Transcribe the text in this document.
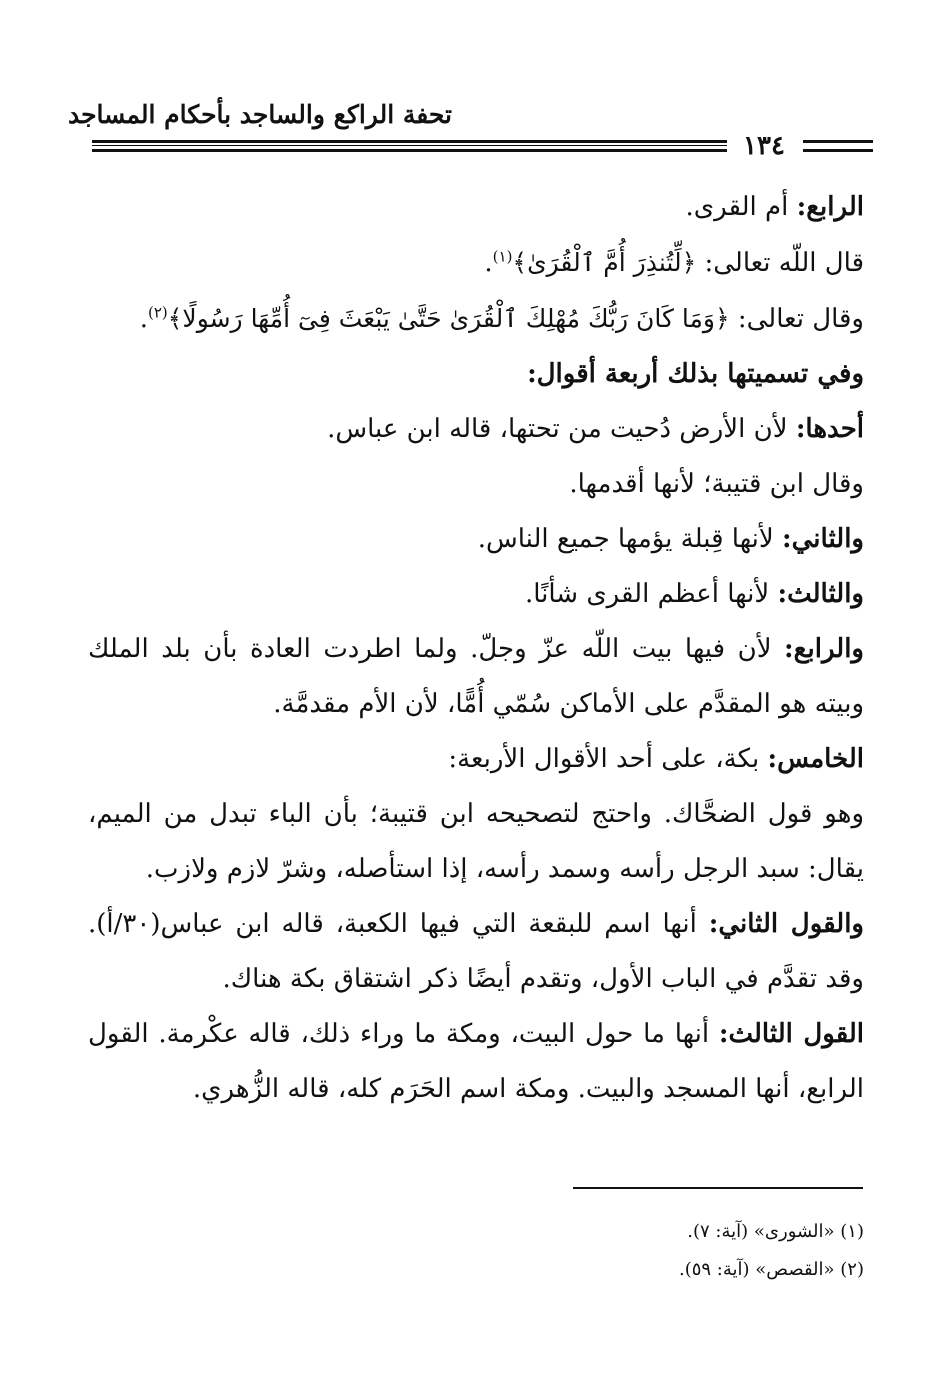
تحفة الراكع والساجد بأحكام المساجد
١٣٤

الرابع: أم القرى.

قال اللّه تعالى: ﴿لِّتُنذِرَ أُمَّ ٱلْقُرَىٰ﴾$^{(١)}$.

وقال تعالى: ﴿وَمَا كَانَ رَبُّكَ مُهْلِكَ ٱلْقُرَىٰ حَتَّىٰ يَبْعَثَ فِىٓ أُمِّهَا رَسُولًا﴾$^{(٢)}$.

وفي تسميتها بذلك أربعة أقوال:

أحدها: لأن الأرض دُحيت من تحتها، قاله ابن عباس.

وقال ابن قتيبة؛ لأنها أقدمها.

والثاني: لأنها قِبلة يؤمها جميع الناس.

والثالث: لأنها أعظم القرى شأنًا.

والرابع: لأن فيها بيت اللّه عزّ وجلّ. ولما اطردت العادة بأن بلد الملك وبيته هو المقدَّم على الأماكن سُمّي أُمًّا، لأن الأم مقدمَّة.

الخامس: بكة، على أحد الأقوال الأربعة:

وهو قول الضحَّاك. واحتج لتصحيحه ابن قتيبة؛ بأن الباء تبدل من الميم، يقال: سبد الرجل رأسه وسمد رأسه، إذا استأصله، وشرّ لازم ولازب.

والقول الثاني: أنها اسم للبقعة التي فيها الكعبة، قاله ابن عباس(٣٠/أ). وقد تقدَّم في الباب الأول، وتقدم أيضًا ذكر اشتقاق بكة هناك.

القول الثالث: أنها ما حول البيت، ومكة ما وراء ذلك، قاله عكْرمة. القول الرابع، أنها المسجد والبيت. ومكة اسم الحَرَم كله، قاله الزُّهري.

(١) «الشورى» (آية: ٧).

(٢) «القصص» (آية: ٥٩).
